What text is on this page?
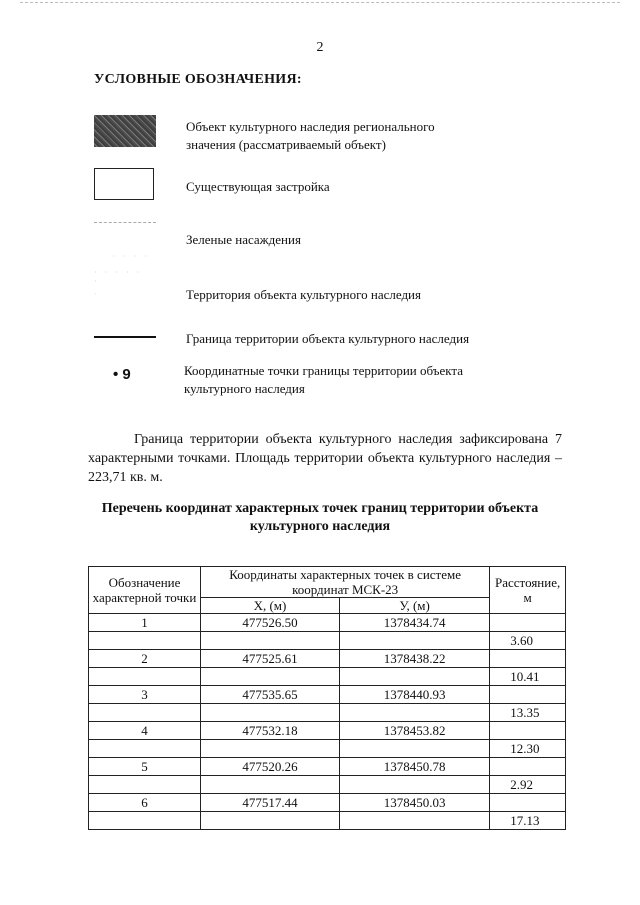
2
УСЛОВНЫЕ ОБОЗНАЧЕНИЯ:
· · · ·
· · · · · ·
·
• 9
Объект культурного наследия регионального значения (рассматриваемый объект)
Существующая застройка
Зеленые насаждения
Территория объекта культурного наследия
Граница территории объекта культурного наследия
Координатные точки границы территории объекта культурного наследия
Граница территории объекта культурного наследия зафиксирована 7 характерными точками. Площадь территории объекта культурного наследия – 223,71 кв. м.
Перечень координат характерных точек границ территории объекта культурного наследия
Обозначение характерной точки	Координаты характерных точек в системе координат МСК-23		Расстояние, м
	Х, (м)	У, (м)	
1	477526.50	1378434.74	
			3.60
2	477525.61	1378438.22	
			10.41
3	477535.65	1378440.93	
			13.35
4	477532.18	1378453.82	
			12.30
5	477520.26	1378450.78	
			2.92
6	477517.44	1378450.03	
			17.13
